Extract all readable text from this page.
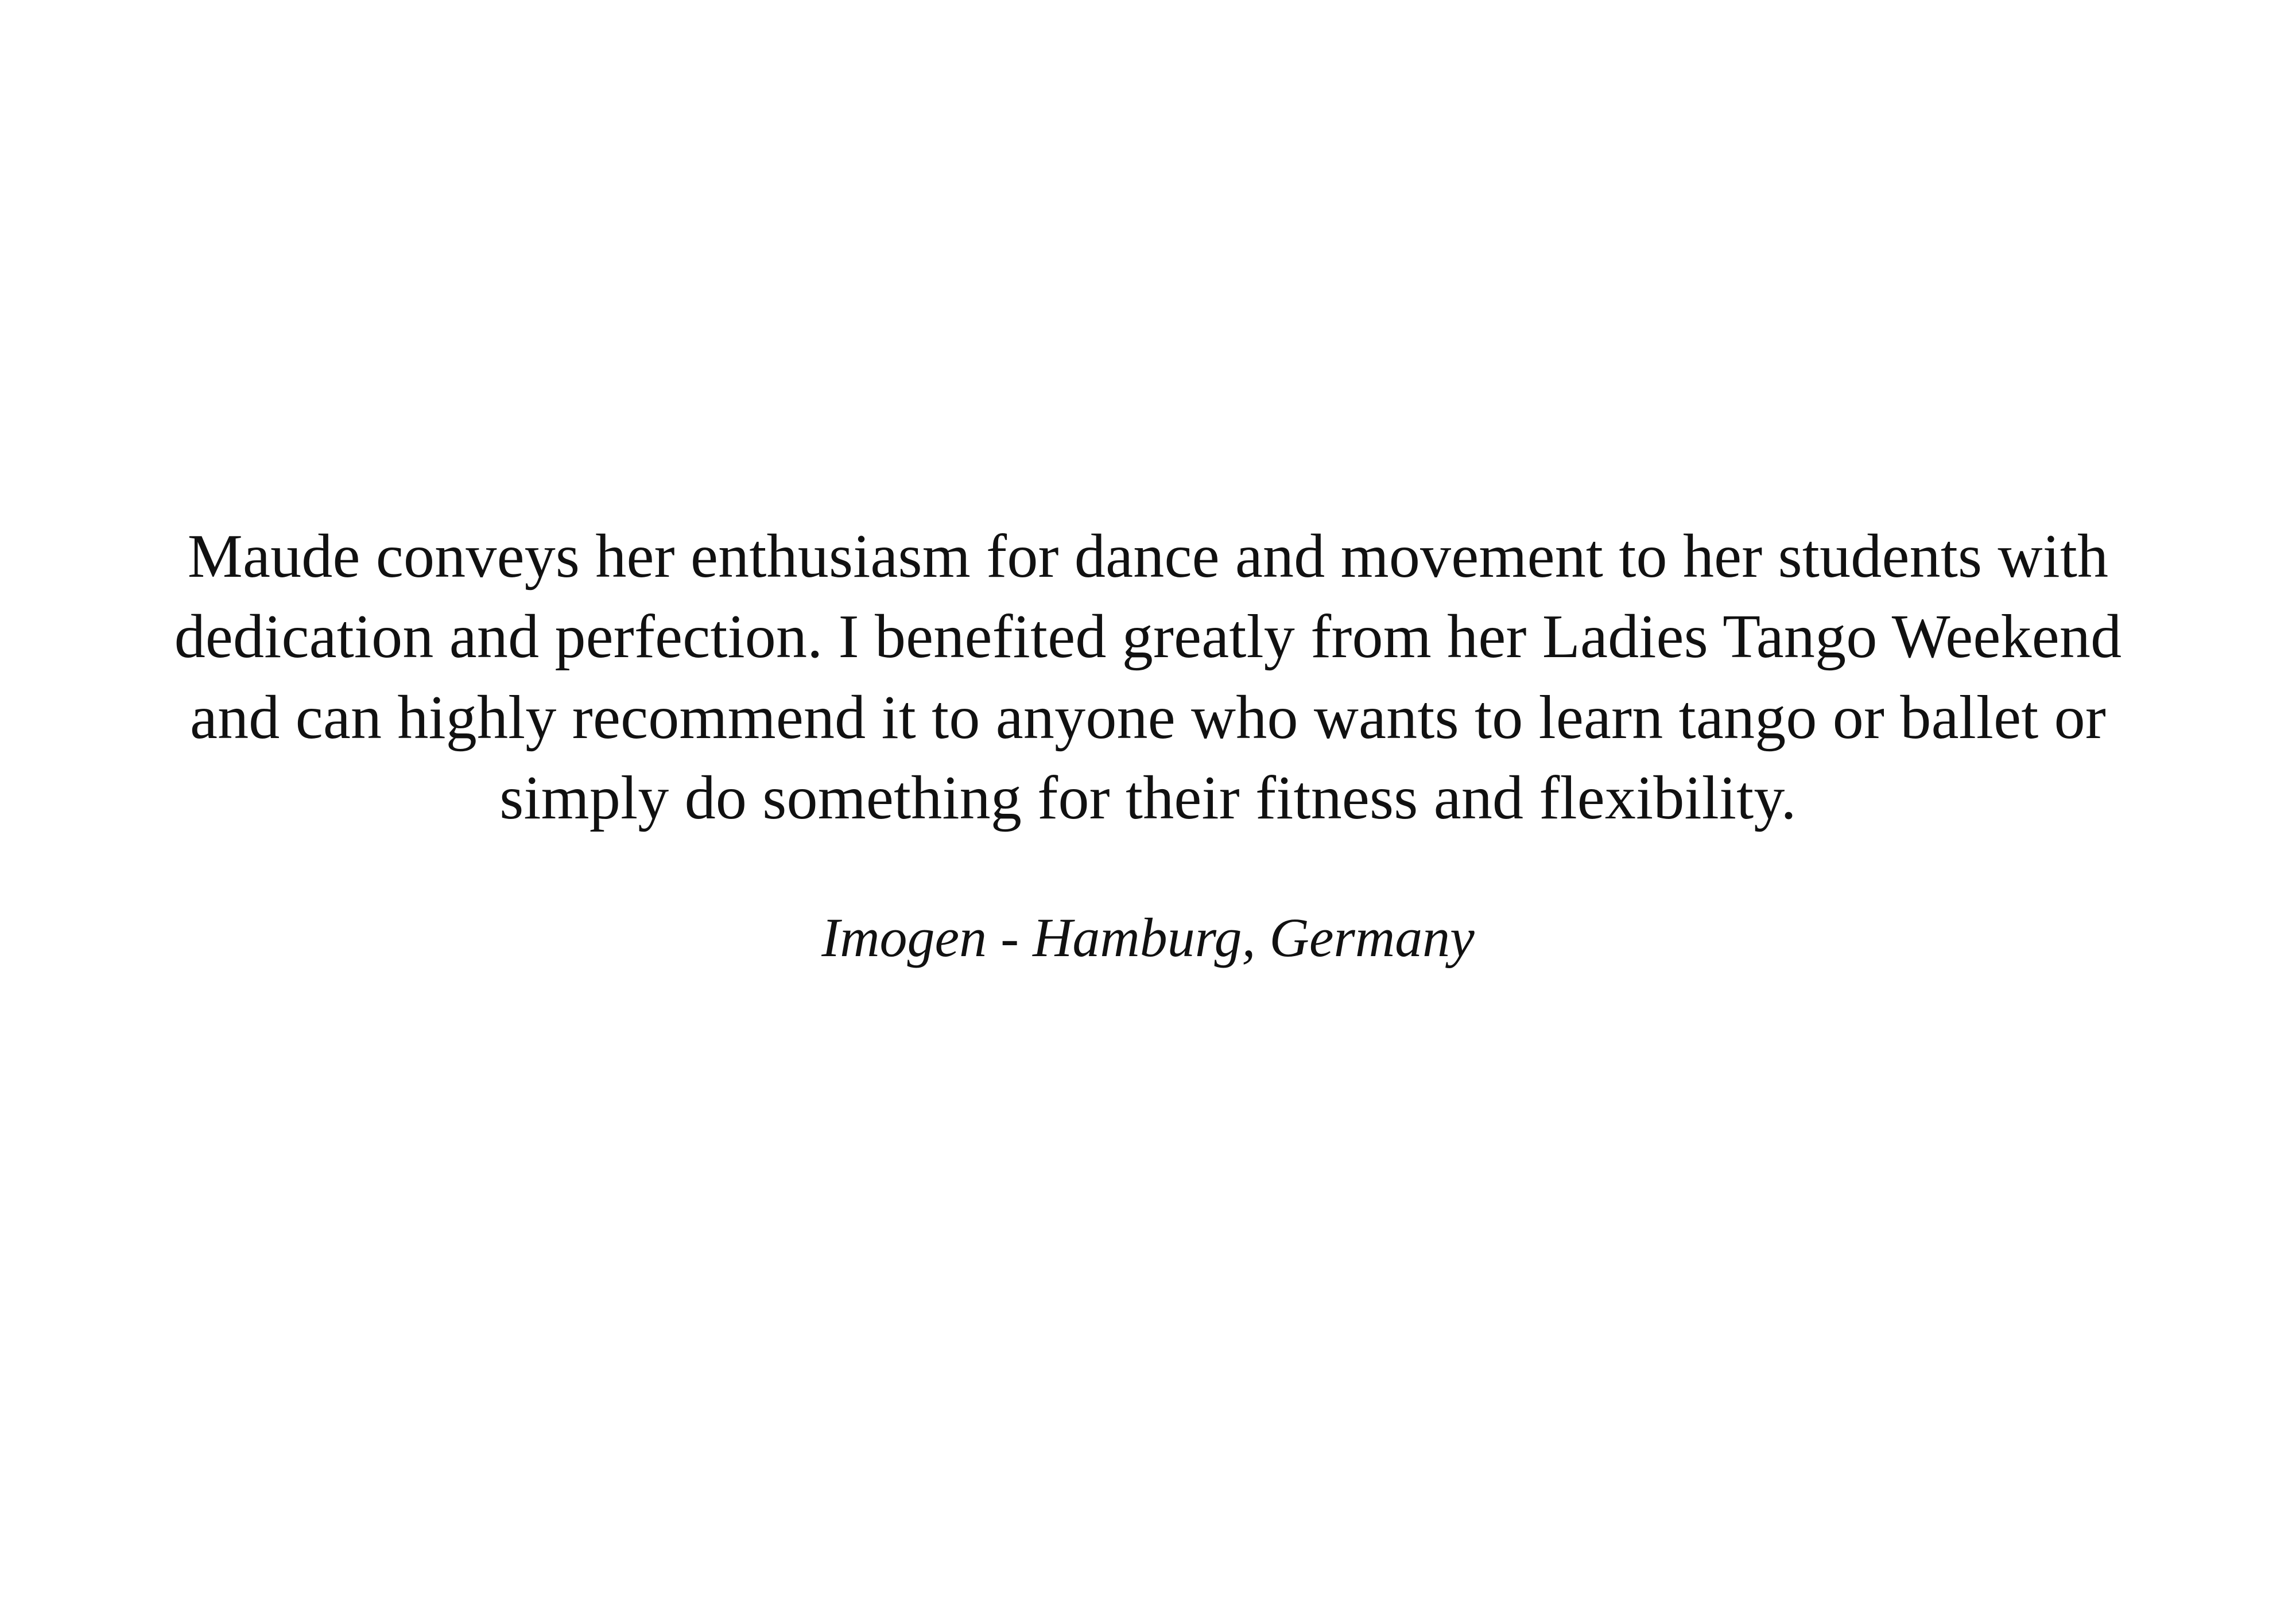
Maude conveys her enthusiasm for dance and movement to her students with dedication and perfection. I benefited greatly from her Ladies Tango Weekend and can highly recommend it to anyone who wants to learn tango or ballet or simply do something for their fitness and flexibility.

Imogen - Hamburg, Germany
